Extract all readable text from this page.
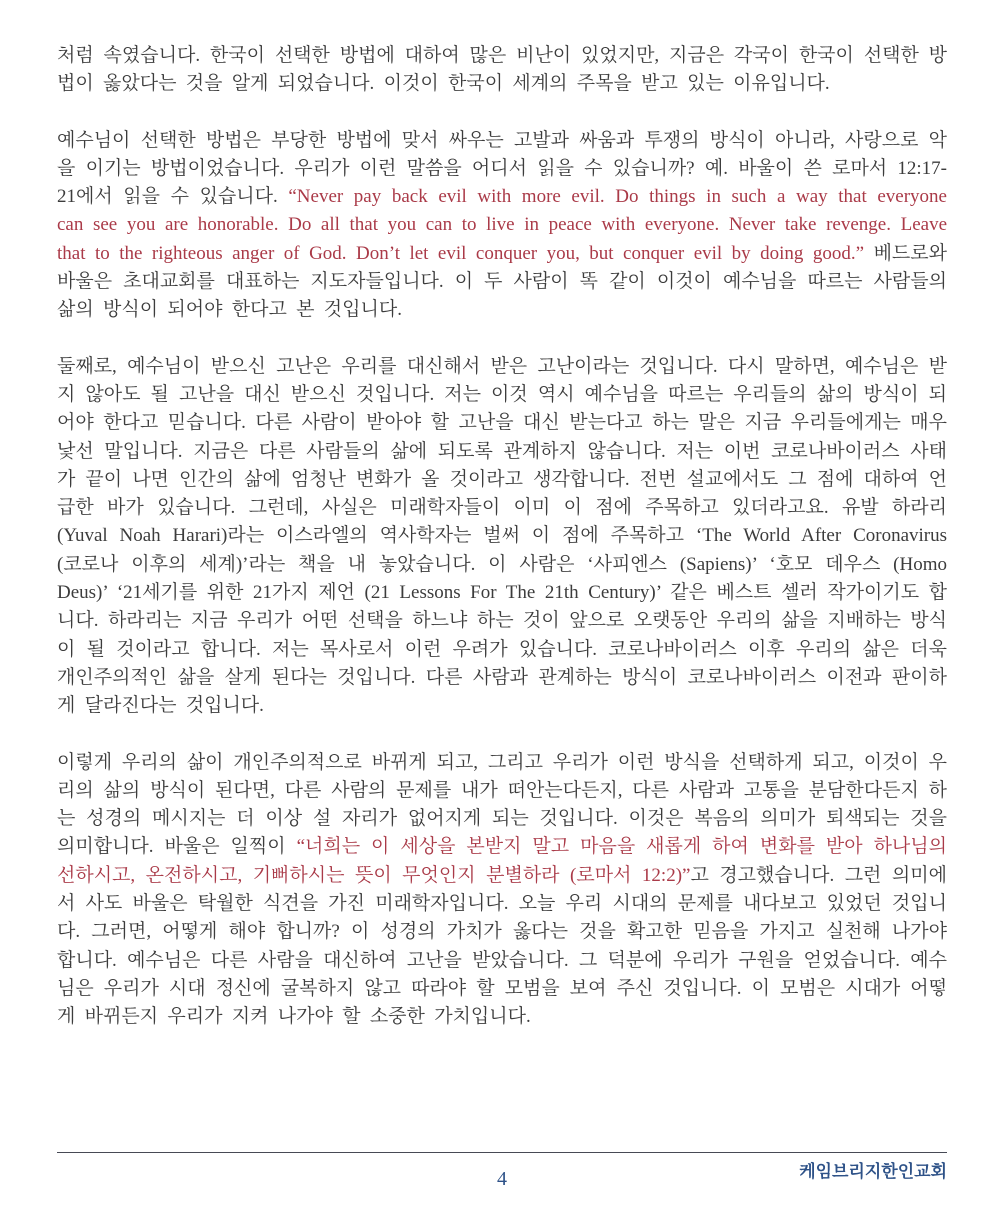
처럼 속였습니다. 한국이 선택한 방법에 대하여 많은 비난이 있었지만, 지금은 각국이 한국이 선택한 방법이 옳았다는 것을 알게 되었습니다. 이것이 한국이 세계의 주목을 받고 있는 이유입니다.

예수님이 선택한 방법은 부당한 방법에 맞서 싸우는 고발과 싸움과 투쟁의 방식이 아니라, 사랑으로 악을 이기는 방법이었습니다. 우리가 이런 말씀을 어디서 읽을 수 있습니까? 예. 바울이 쓴 로마서 12:17-21에서 읽을 수 있습니다. “Never pay back evil with more evil. Do things in such a way that everyone can see you are honorable. Do all that you can to live in peace with everyone. Never take revenge. Leave that to the righteous anger of God. Don’t let evil conquer you, but conquer evil by doing good.” 베드로와 바울은 초대교회를 대표하는 지도자들입니다. 이 두 사람이 똑 같이 이것이 예수님을 따르는 사람들의 삶의 방식이 되어야 한다고 본 것입니다.

둘째로, 예수님이 받으신 고난은 우리를 대신해서 받은 고난이라는 것입니다. 다시 말하면, 예수님은 받지 않아도 될 고난을 대신 받으신 것입니다. 저는 이것 역시 예수님을 따르는 우리들의 삶의 방식이 되어야 한다고 믿습니다. 다른 사람이 받아야 할 고난을 대신 받는다고 하는 말은 지금 우리들에게는 매우 낯선 말입니다. 지금은 다른 사람들의 삶에 되도록 관계하지 않습니다. 저는 이번 코로나바이러스 사태가 끝이 나면 인간의 삶에 엄청난 변화가 올 것이라고 생각합니다. 전번 설교에서도 그 점에 대하여 언급한 바가 있습니다. 그런데, 사실은 미래학자들이 이미 이 점에 주목하고 있더라고요. 유발 하라리 (Yuval Noah Harari)라는 이스라엘의 역사학자는 벌써 이 점에 주목하고 ‘The World After Coronavirus (코로나 이후의 세계)’라는 책을 내 놓았습니다. 이 사람은 ‘사피엔스 (Sapiens)’ ‘호모 데우스 (Homo Deus)’ ‘21세기를 위한 21가지 제언 (21 Lessons For The 21th Century)’ 같은 베스트 셀러 작가이기도 합니다. 하라리는 지금 우리가 어떤 선택을 하느냐 하는 것이 앞으로 오랫동안 우리의 삶을 지배하는 방식이 될 것이라고 합니다. 저는 목사로서 이런 우려가 있습니다. 코로나바이러스 이후 우리의 삶은 더욱 개인주의적인 삶을 살게 된다는 것입니다. 다른 사람과 관계하는 방식이 코로나바이러스 이전과 판이하게 달라진다는 것입니다.

이렇게 우리의 삶이 개인주의적으로 바뀌게 되고, 그리고 우리가 이런 방식을 선택하게 되고, 이것이 우리의 삶의 방식이 된다면, 다른 사람의 문제를 내가 떠안는다든지, 다른 사람과 고통을 분담한다든지 하는 성경의 메시지는 더 이상 설 자리가 없어지게 되는 것입니다. 이것은 복음의 의미가 퇴색되는 것을 의미합니다. 바울은 일찍이 “너희는 이 세상을 본받지 말고 마음을 새롭게 하여 변화를 받아 하나님의 선하시고, 온전하시고, 기뻐하시는 뜻이 무엇인지 분별하라 (로마서 12:2)”고 경고했습니다. 그런 의미에서 사도 바울은 탁월한 식견을 가진 미래학자입니다. 오늘 우리 시대의 문제를 내다보고 있었던 것입니다. 그러면, 어떻게 해야 합니까? 이 성경의 가치가 옳다는 것을 확고한 믿음을 가지고 실천해 나가야 합니다. 예수님은 다른 사람을 대신하여 고난을 받았습니다. 그 덕분에 우리가 구원을 얻었습니다. 예수님은 우리가 시대 정신에 굴복하지 않고 따라야 할 모범을 보여 주신 것입니다. 이 모범은 시대가 어떻게 바뀌든지 우리가 지켜 나가야 할 소중한 가치입니다.

케임브리지한인교회
4
